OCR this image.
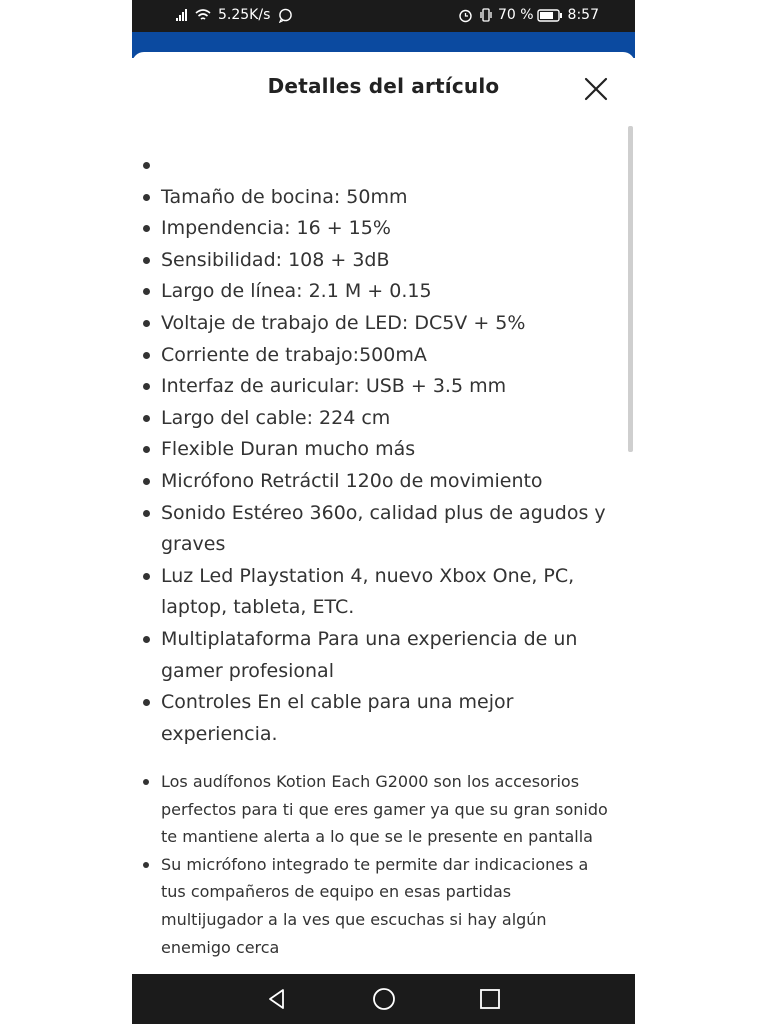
5.25K/s	70 % 8:57
Detalles del artículo

Tamaño de bocina: 50mm
Impendencia: 16 + 15%
Sensibilidad: 108 + 3dB
Largo de línea: 2.1 M + 0.15
Voltaje de trabajo de LED: DC5V + 5%
Corriente de trabajo:500mA
Interfaz de auricular: USB + 3.5 mm
Largo del cable: 224 cm
Flexible Duran mucho más
Micrófono Retráctil 120o de movimiento
Sonido Estéreo 360o, calidad plus de agudos y graves
Luz Led Playstation 4, nuevo Xbox One, PC, laptop, tableta, ETC.
Multiplataforma Para una experiencia de un gamer profesional
Controles En el cable para una mejor experiencia.
Los audífonos Kotion Each G2000 son los accesorios perfectos para ti que eres gamer ya que su gran sonido te mantiene alerta a lo que se le presente en pantalla
Su micrófono integrado te permite dar indicaciones a tus compañeros de equipo en esas partidas multijugador a la ves que escuchas si hay algún enemigo cerca
